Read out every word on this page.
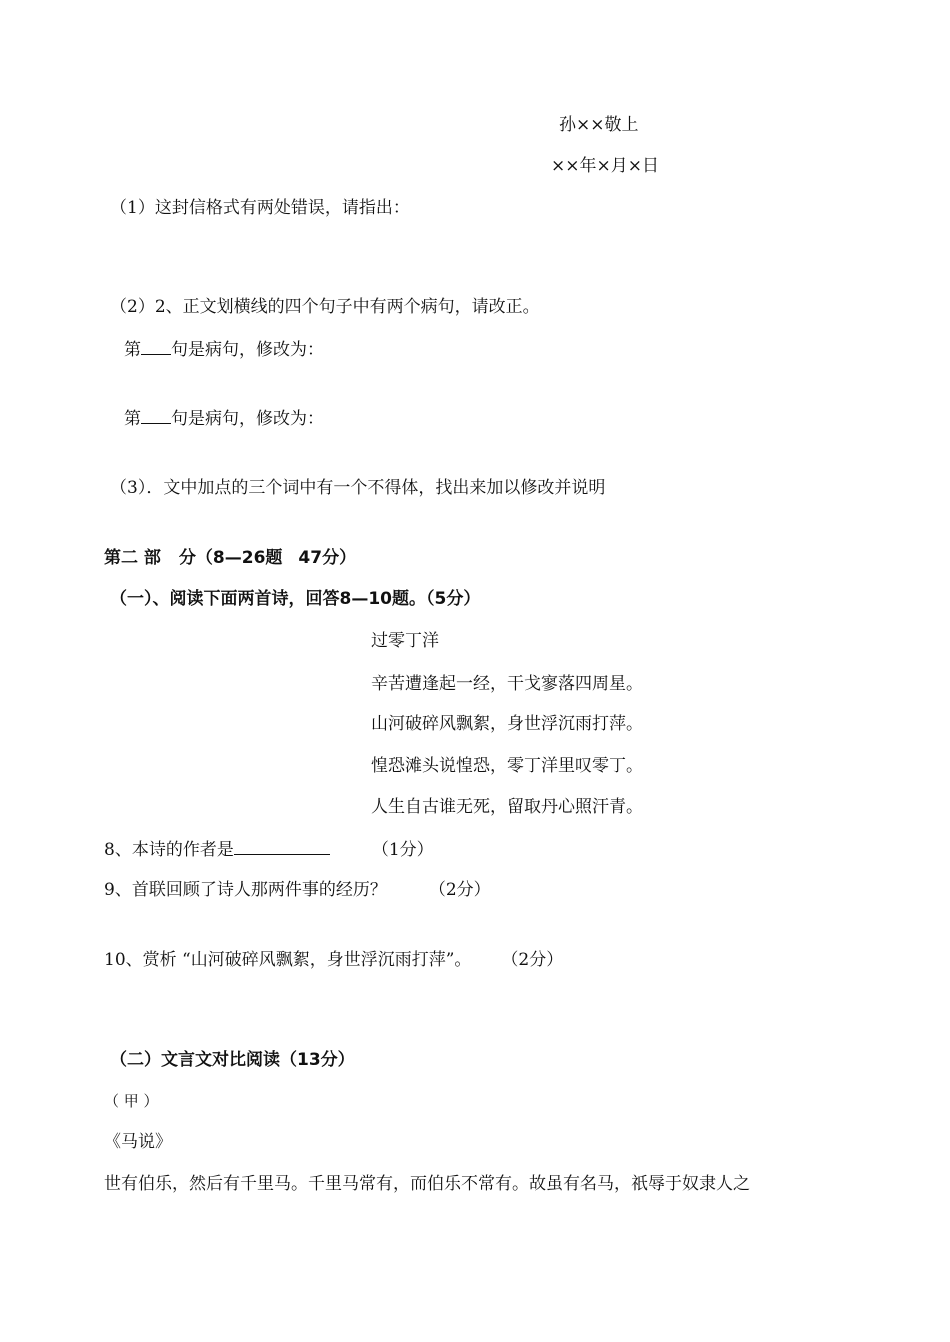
孙××敬上
××年×月×日
（1）这封信格式有两处错误，请指出：
（2）2、正文划横线的四个句子中有两个病句，请改正。
第 句是病句，修改为：
第 句是病句，修改为：
（3）．文中加点的三个词中有一个不得体，找出来加以修改并说明
第二 部 分（8—26题 47分）
（一）、阅读下面两首诗，回答8—10题。（5分）
过零丁洋
辛苦遭逢起一经，干戈寥落四周星。
山河破碎风飘絮，身世浮沉雨打萍。
惶恐滩头说惶恐，零丁洋里叹零丁。
人生自古谁无死，留取丹心照汗青。
8、本诗的作者是	（1分）
9、首联回顾了诗人那两件事的经历？ （2分）
10、赏析 “山河破碎风飘絮，身世浮沉雨打萍”。 （2分）
（二）文言文对比阅读（13分）
（ 甲 ）
《马说》
世有伯乐，然后有千里马。千里马常有，而伯乐不常有。故虽有名马，祇辱于奴隶人之
